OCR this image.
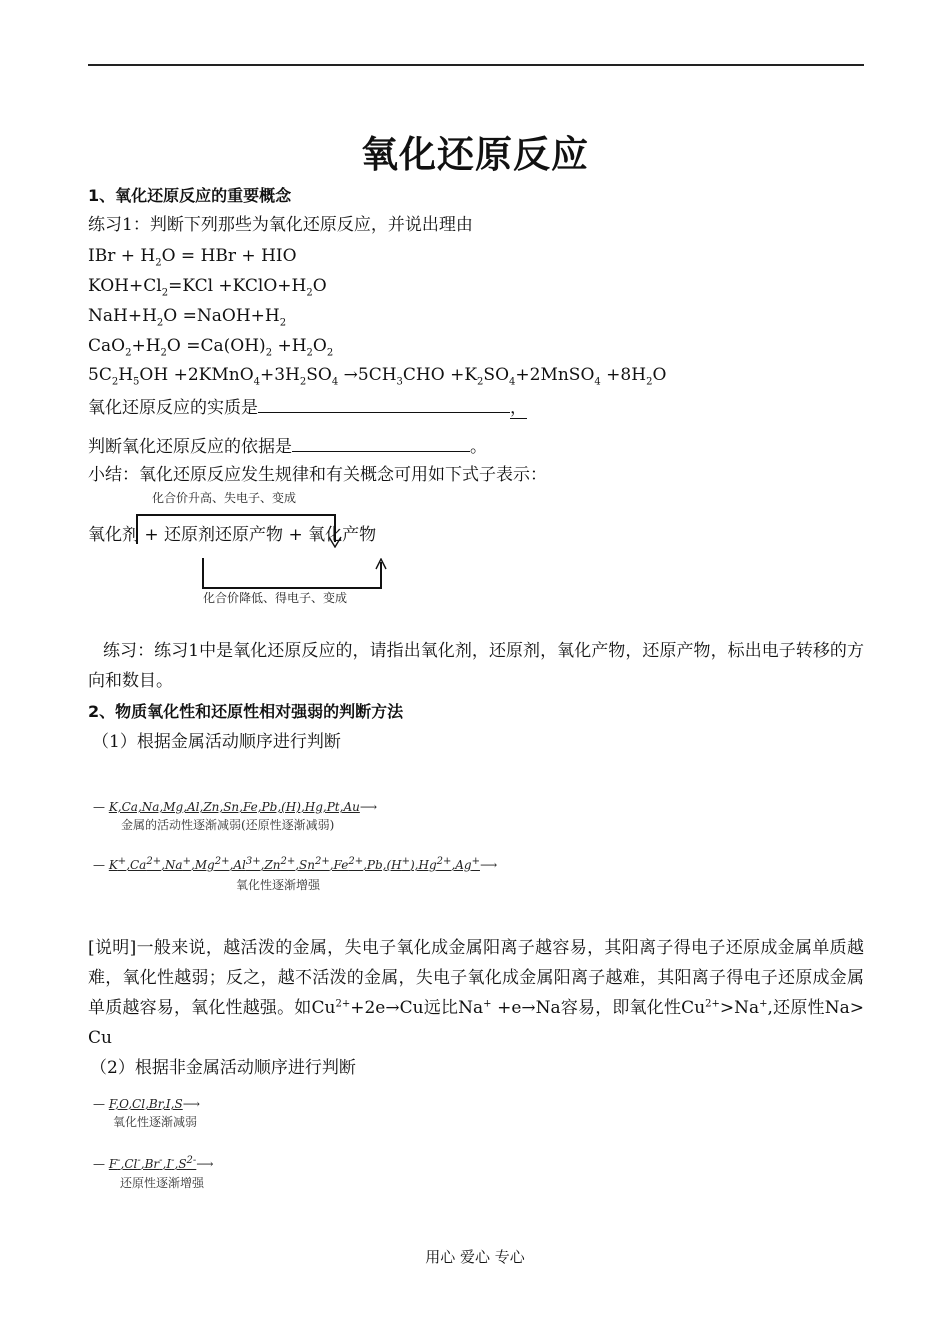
氧化还原反应
1、氧化还原反应的重要概念
练习1：判断下列那些为氧化还原反应，并说出理由
IBr + $H_2O$ = HBr + HIO
$KOH+Cl_2=KCl$ $+KClO+H_2O$
$NaH+H_2O$ $=NaOH+H_2$
$CaO_2+H_2O =Ca(OH)_2 +H_2O_2$
$5C_2H_5OH$ $+2KMnO_4+3H_2SO_4 \to 5CH_3CHO$ $+K_2SO_4+2MnSO_4 +8H_2O$
氧化还原反应的实质是	，
判断氧化还原反应的依据是	。
小结：氧化还原反应发生规律和有关概念可用如下式子表示：
化合价升高、失电子、变成
氧化剂 + 还原剂还原产物 + 氧化产物
化合价降低、得电子、变成

练习：练习1中是氧化还原反应的，请指出氧化剂，还原剂，氧化产物，还原产物，标出电子转移的方向和数目。

2、物质氧化性和还原性相对强弱的判断方法
（1）根据金属活动顺序进行判断
— K,Ca,Na,Mg,Al,Zn,Sn,Fe,Pb,(H),Hg,Pt,Au⟶
金属的活动性逐渐减弱(还原性逐渐减弱)
— $K^+,Ca^{2+},Na^+,Mg^{2+},Al^{3+},Zn^{2+},Sn^{2+},Fe^{2+},Pb,(H^+),Hg^{2+},Ag^+⟶$
氧化性逐渐增强

[说明]一般来说，越活泼的金属，失电子氧化成金属阳离子越容易，其阳离子得电子还原成金属单质越难，氧化性越弱；反之，越不活泼的金属，失电子氧化成金属阳离子越难，其阳离子得电子还原成金属单质越容易，氧化性越强。如$Cu^{2+}+2e\to Cu$远比Na+ +e→Na容易，即氧化性$Cu^{2+}>Na^+$,还原性Na> Cu

（2）根据非金属活动顺序进行判断
— F,O,Cl,Br,I,S⟶
氧化性逐渐减弱
— $F^-,Cl^-,Br^-,I^-,S^{2-}⟶$
还原性逐渐增强
用心 爱心 专心
